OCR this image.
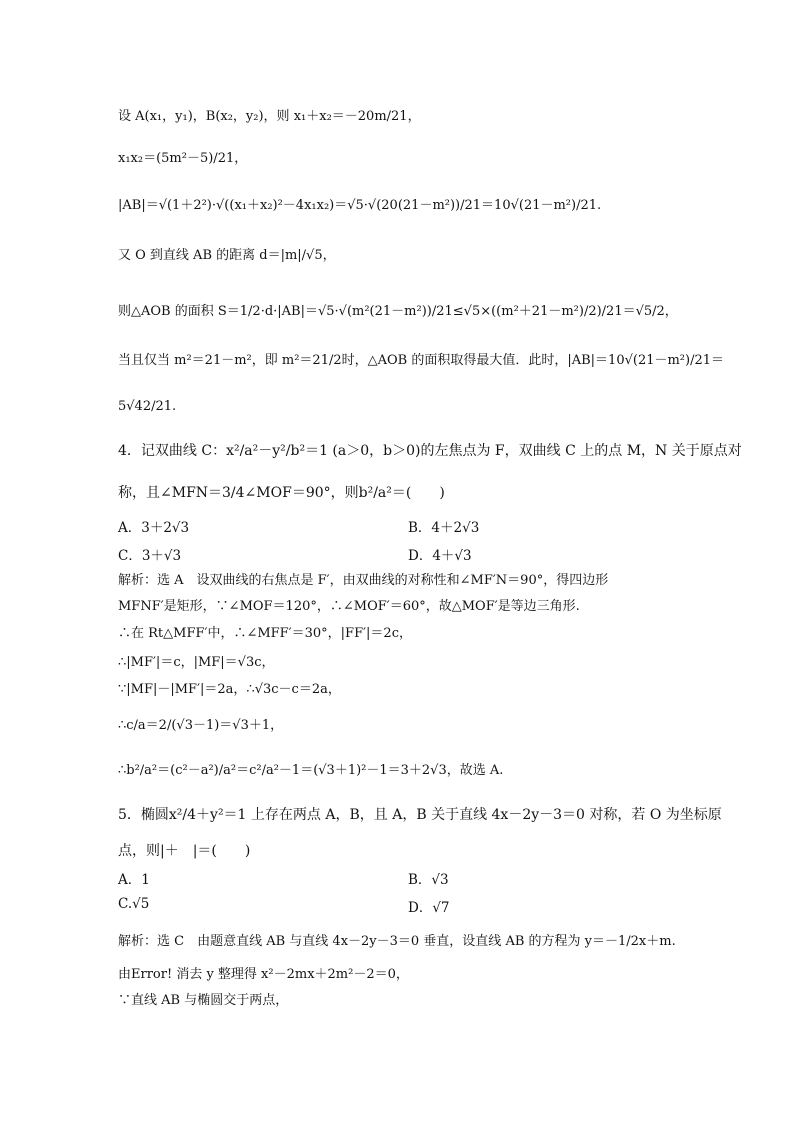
设 A(x₁，y₁)，B(x₂，y₂)，则 x₁＋x₂＝－20m/21，
x₁x₂＝(5m²－5)/21，
|AB|＝√(1＋2²)·√((x₁＋x₂)²－4x₁x₂)＝√5·√(20(21－m²))/21＝10√(21－m²)/21.
又 O 到直线 AB 的距离 d＝|m|/√5，
则△AOB 的面积 S＝1/2·d·|AB|＝√5·√(m²(21－m²))/21≤√5×((m²＋21－m²)/2)/21＝√5/2，
当且仅当 m²＝21－m²，即 m²＝21/2时，△AOB 的面积取得最大值．此时，|AB|＝10√(21－m²)/21＝
5√42/21.
4．记双曲线 C：x²/a²－y²/b²＝1 (a＞0，b＞0)的左焦点为 F，双曲线 C 上的点 M，N 关于原点对
称，且∠MFN＝3/4∠MOF＝90°，则b²/a²＝(　　)
A．3＋2√3	B．4＋2√3
C．3＋√3	D．4＋√3
解析：选 A　设双曲线的右焦点是 F′，由双曲线的对称性和∠MF′N＝90°，得四边形
MFNF′是矩形，∵∠MOF＝120°，∴∠MOF′＝60°，故△MOF′是等边三角形.
∴在 Rt△MFF′中，∴∠MFF′＝30°，|FF′|＝2c，
∴|MF′|＝c，|MF|＝√3c，
∵|MF|－|MF′|＝2a，∴√3c－c＝2a，
∴c/a＝2/(√3－1)＝√3＋1，
∴b²/a²＝(c²－a²)/a²＝c²/a²－1＝(√3＋1)²－1＝3＋2√3，故选 A.
5．椭圆x²/4＋y²＝1 上存在两点 A，B，且 A，B 关于直线 4x－2y－3＝0 对称，若 O 为坐标原
点，则|＋　|＝(　　)
A．1	B．√3
C.√5	D．√7
解析：选 C　由题意直线 AB 与直线 4x－2y－3＝0 垂直，设直线 AB 的方程为 y＝－1/2x＋m.
由Error! 消去 y 整理得 x²－2mx＋2m²－2＝0，
∵直线 AB 与椭圆交于两点，
